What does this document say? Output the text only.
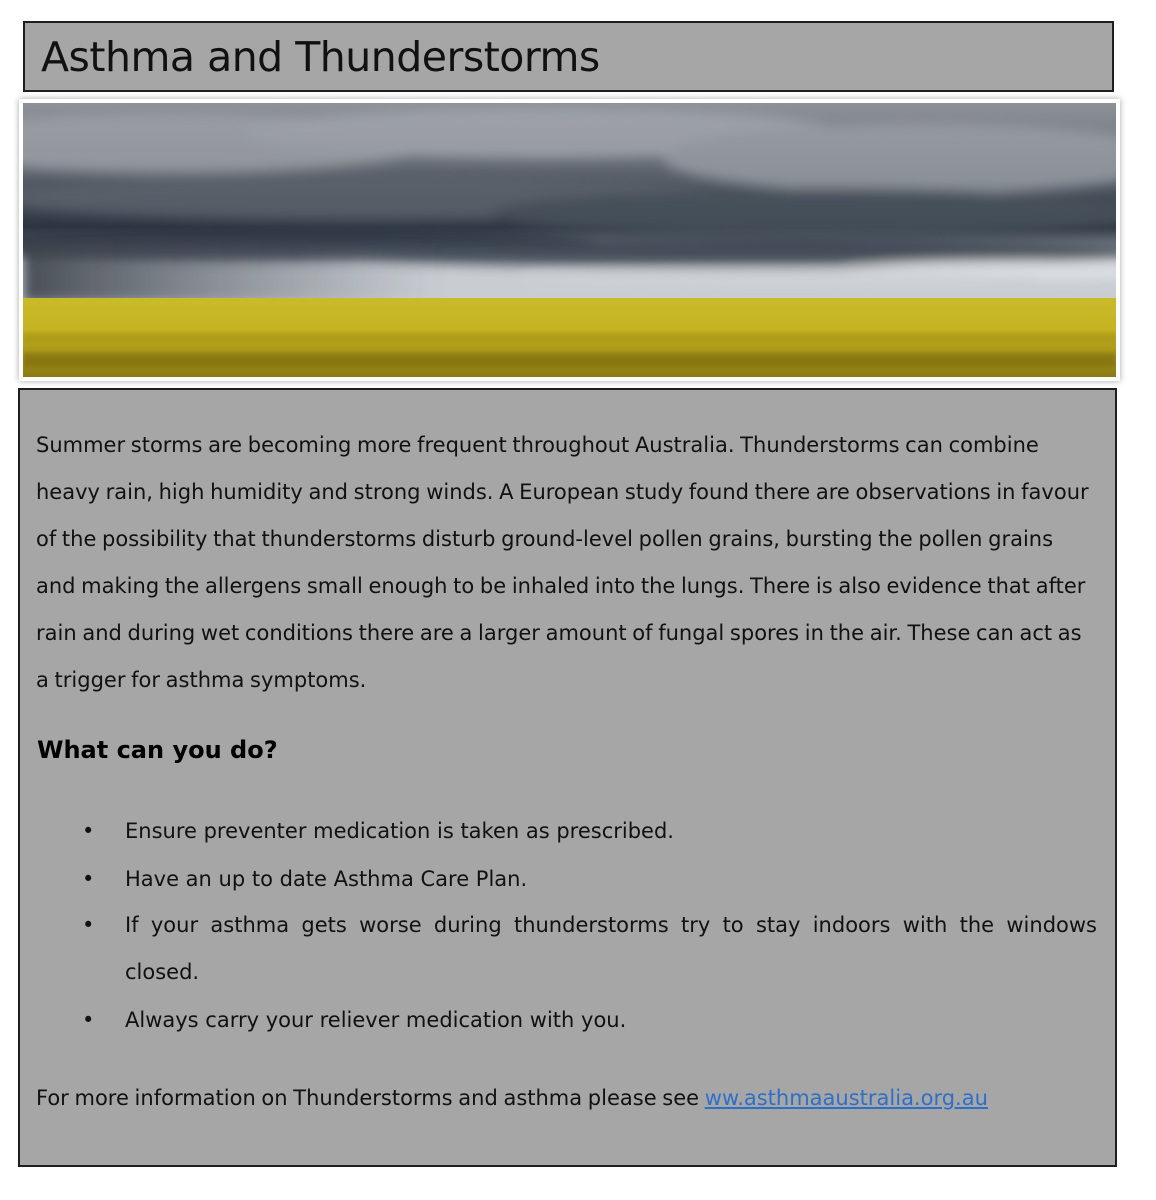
Asthma and Thunderstorms

Summer storms are becoming more frequent throughout Australia. Thunderstorms can combine heavy rain, high humidity and strong winds. A European study found there are observations in favour of the possibility that thunderstorms disturb ground-level pollen grains, bursting the pollen grains and making the allergens small enough to be inhaled into the lungs. There is also evidence that after rain and during wet conditions there are a larger amount of fungal spores in the air. These can act as a trigger for asthma symptoms.

What can you do?
• Ensure preventer medication is taken as prescribed.
• Have an up to date Asthma Care Plan.
• If your asthma gets worse during thunderstorms try to stay indoors with the windows closed.
• Always carry your reliever medication with you.

For more information on Thunderstorms and asthma please see ww.asthmaaustralia.org.au
